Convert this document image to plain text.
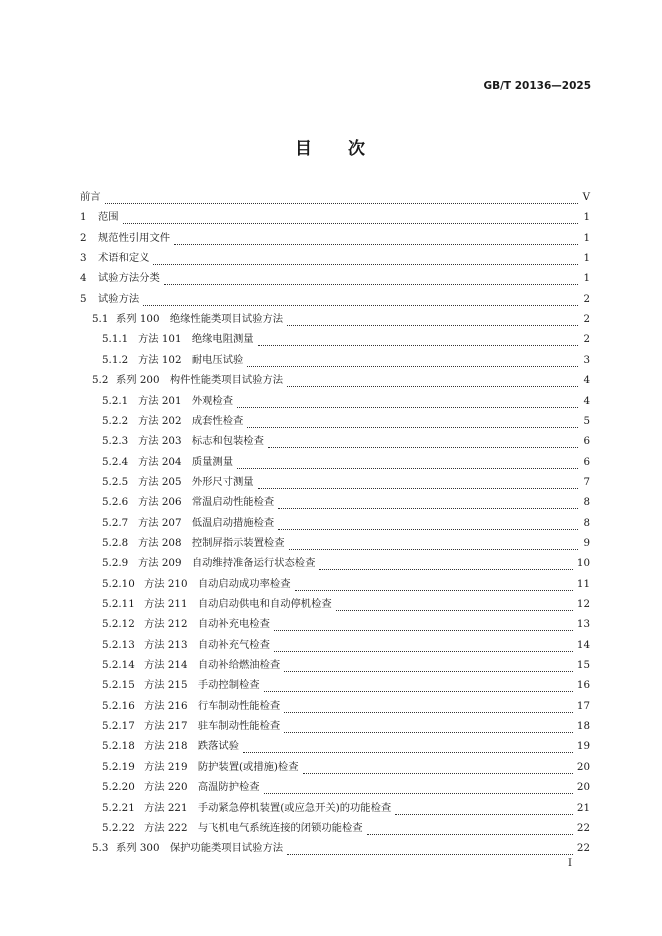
GB/T 20136—2025
目 次
前言	V
1	范围	1
2	规范性引用文件	1
3	术语和定义	1
4	试验方法分类	1
5	试验方法	2
5.1 系列 100　绝缘性能类项目试验方法	2
5.1.1 方法 101　绝缘电阻测量	2
5.1.2 方法 102　耐电压试验	3
5.2 系列 200　构件性能类项目试验方法	4
5.2.1 方法 201　外观检查	4
5.2.2 方法 202　成套性检查	5
5.2.3 方法 203　标志和包装检查	6
5.2.4 方法 204　质量测量	6
5.2.5 方法 205　外形尺寸测量	7
5.2.6 方法 206　常温启动性能检查	8
5.2.7 方法 207　低温启动措施检查	8
5.2.8 方法 208　控制屏指示装置检查	9
5.2.9 方法 209　自动维持准备运行状态检查	10
5.2.10 方法 210　自动启动成功率检查	11
5.2.11 方法 211　自动启动供电和自动停机检查	12
5.2.12 方法 212　自动补充电检查	13
5.2.13 方法 213　自动补充气检查	14
5.2.14 方法 214　自动补给燃油检查	15
5.2.15 方法 215　手动控制检查	16
5.2.16 方法 216　行车制动性能检查	17
5.2.17 方法 217　驻车制动性能检查	18
5.2.18 方法 218　跌落试验	19
5.2.19 方法 219　防护装置(或措施)检查	20
5.2.20 方法 220　高温防护检查	20
5.2.21 方法 221　手动紧急停机装置(或应急开关)的功能检查	21
5.2.22 方法 222　与飞机电气系统连接的闭锁功能检查	22
5.3 系列 300　保护功能类项目试验方法	22
I
